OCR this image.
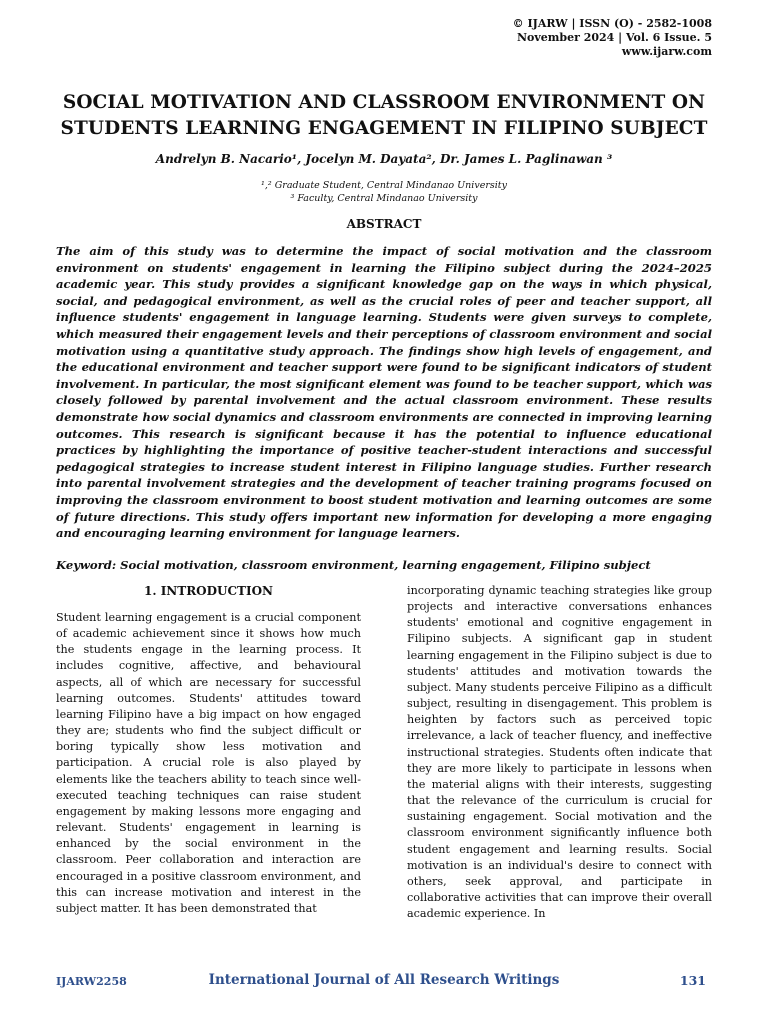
© IJARW | ISSN (O) - 2582-1008
November 2024 | Vol. 6 Issue. 5
www.ijarw.com
SOCIAL MOTIVATION AND CLASSROOM ENVIRONMENT ON STUDENTS LEARNING ENGAGEMENT IN FILIPINO SUBJECT
Andrelyn B. Nacario¹, Jocelyn M. Dayata², Dr. James L. Paglinawan ³
¹,² Graduate Student, Central Mindanao University
³ Faculty, Central Mindanao University
ABSTRACT

The aim of this study was to determine the impact of social motivation and the classroom environment on students' engagement in learning the Filipino subject during the 2024–2025 academic year. This study provides a significant knowledge gap on the ways in which physical, social, and pedagogical environment, as well as the crucial roles of peer and teacher support, all influence students' engagement in language learning. Students were given surveys to complete, which measured their engagement levels and their perceptions of classroom environment and social motivation using a quantitative study approach. The findings show high levels of engagement, and the educational environment and teacher support were found to be significant indicators of student involvement. In particular, the most significant element was found to be teacher support, which was closely followed by parental involvement and the actual classroom environment. These results demonstrate how social dynamics and classroom environments are connected in improving learning outcomes. This research is significant because it has the potential to influence educational practices by highlighting the importance of positive teacher-student interactions and successful pedagogical strategies to increase student interest in Filipino language studies. Further research into parental involvement strategies and the development of teacher training programs focused on improving the classroom environment to boost student motivation and learning outcomes are some of future directions. This study offers important new information for developing a more engaging and encouraging learning environment for language learners.

Keyword: Social motivation, classroom environment, learning engagement, Filipino subject
1. INTRODUCTION

Student learning engagement is a crucial component of academic achievement since it shows how much the students engage in the learning process. It includes cognitive, affective, and behavioural aspects, all of which are necessary for successful learning outcomes. Students' attitudes toward learning Filipino have a big impact on how engaged they are; students who find the subject difficult or boring typically show less motivation and participation. A crucial role is also played by elements like the teachers ability to teach since well-executed teaching techniques can raise student engagement by making lessons more engaging and relevant. Students' engagement in learning is enhanced by the social environment in the classroom. Peer collaboration and interaction are encouraged in a positive classroom environment, and this can increase motivation and interest in the subject matter. It has been demonstrated that

incorporating dynamic teaching strategies like group projects and interactive conversations enhances students' emotional and cognitive engagement in Filipino subjects. A significant gap in student learning engagement in the Filipino subject is due to students' attitudes and motivation towards the subject. Many students perceive Filipino as a difficult subject, resulting in disengagement. This problem is heighten by factors such as perceived topic irrelevance, a lack of teacher fluency, and ineffective instructional strategies. Students often indicate that they are more likely to participate in lessons when the material aligns with their interests, suggesting that the relevance of the curriculum is crucial for sustaining engagement. Social motivation and the classroom environment significantly influence both student engagement and learning results. Social motivation is an individual's desire to connect with others, seek approval, and participate in collaborative activities that can improve their overall academic experience. In

IJARW2258	International Journal of All Research Writings	131
